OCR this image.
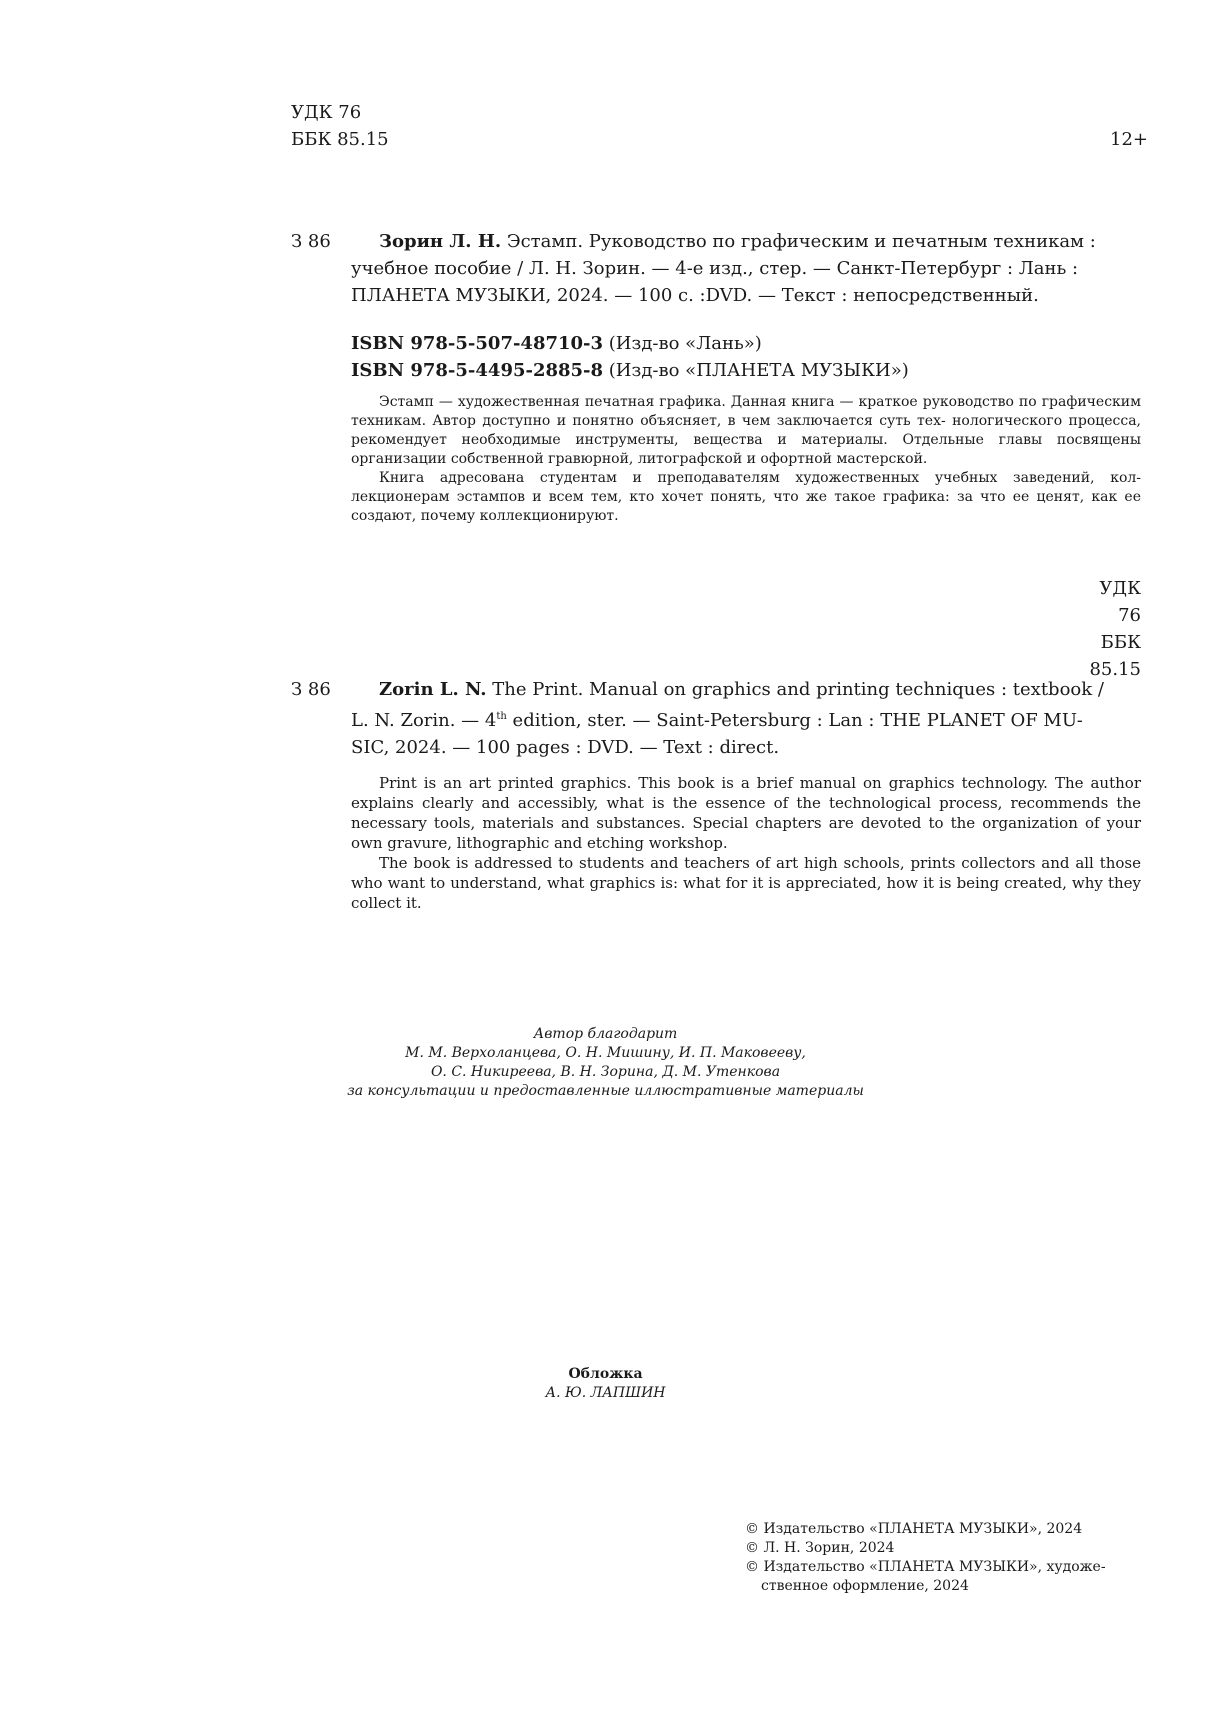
УДК 76
ББК 85.15	12+
З 86	Зорин Л. Н. Эстамп. Руководство по графическим и печатным техникам :
учебное пособие / Л. Н. Зорин. — 4-е изд., стер. — Санкт-Петербург : Лань :
ПЛАНЕТА МУЗЫКИ, 2024. — 100 с. :DVD. — Текст : непосредственный.
ISBN 978-5-507-48710-3 (Изд-во «Лань»)
ISBN 978-5-4495-2885-8 (Изд-во «ПЛАНЕТА МУЗЫКИ»)

Эстамп — художественная печатная графика. Данная книга — краткое руководство по графическим техникам. Автор доступно и понятно объясняет, в чем заключается суть тех- нологического процесса, рекомендует необходимые инструменты, вещества и материалы. Отдельные главы посвящены организации собственной гравюрной, литографской и офортной мастерской.

Книга адресована студентам и преподавателям художественных учебных заведений, кол- лекционерам эстампов и всем тем, кто хочет понять, что же такое графика: за что ее ценят, как ее создают, почему коллекционируют.

УДК 76
ББК 85.15
З 86	Zorin L. N. The Print. Manual on graphics and printing techniques : textbook /
L. N. Zorin. — 4th edition, ster. — Saint-Petersburg : Lan : THE PLANET OF MU-
SIC, 2024. — 100 pages : DVD. — Text : direct.

Print is an art printed graphics. This book is a brief manual on graphics technology. The author explains clearly and accessibly, what is the essence of the technological process, recommends the necessary tools, materials and substances. Special chapters are devoted to the organization of your own gravure, lithographic and etching workshop.

The book is addressed to students and teachers of art high schools, prints collectors and all those who want to understand, what graphics is: what for it is appreciated, how it is being created, why they collect it.

Автор благодарит
М. М. Верхоланцева, О. Н. Мишину, И. П. Маковееву,
О. С. Никиреева, В. Н. Зорина, Д. М. Утенкова
за консультации и предоставленные иллюстративные материалы
Обложка
А. Ю. ЛАПШИН
© Издательство «ПЛАНЕТА МУЗЫКИ», 2024
© Л. Н. Зорин, 2024
© Издательство «ПЛАНЕТА МУЗЫКИ», художе- ственное оформление, 2024
